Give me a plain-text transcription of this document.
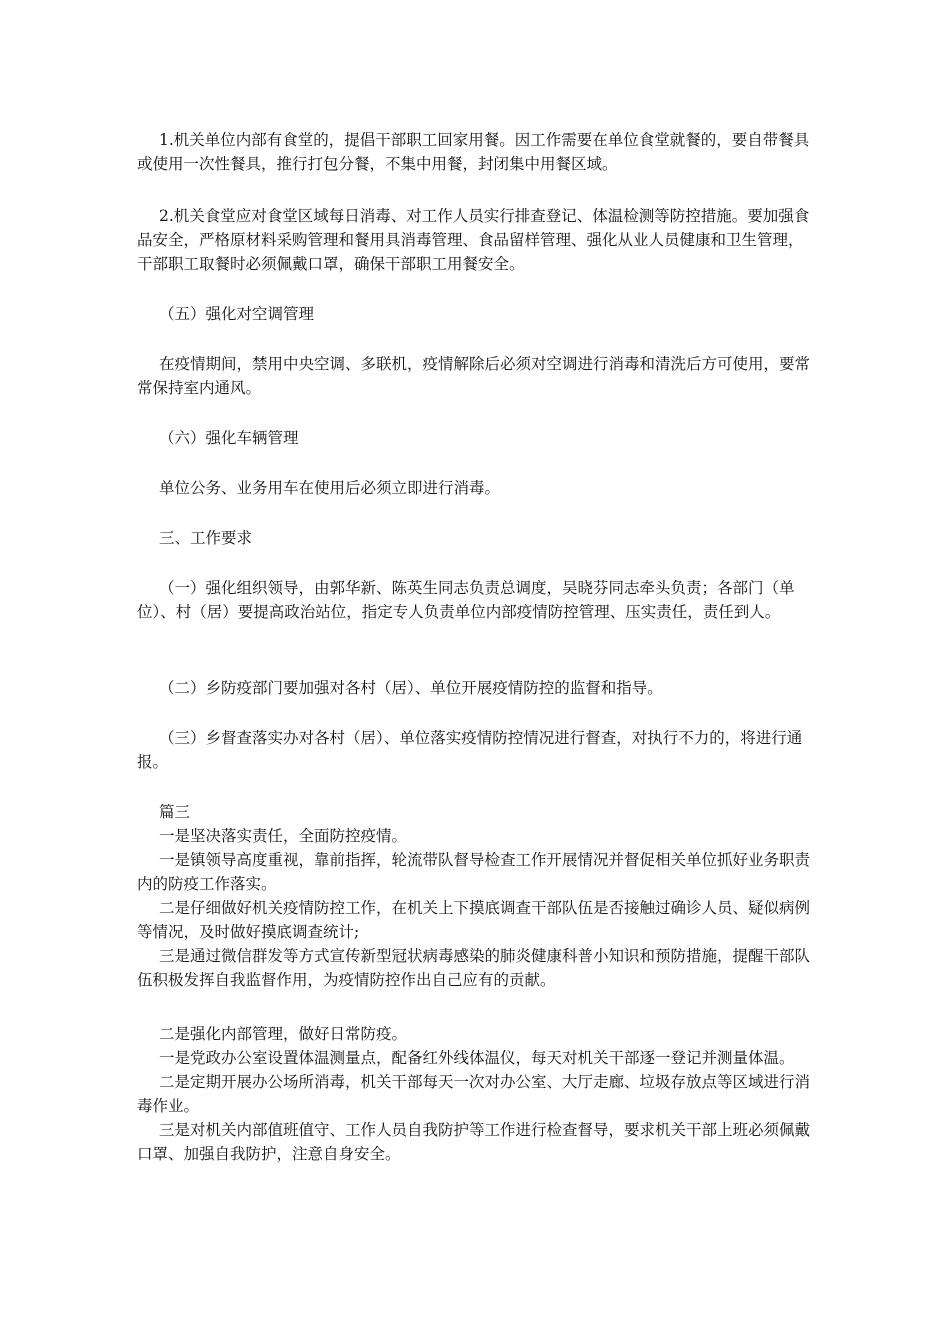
1.机关单位内部有食堂的，提倡干部职工回家用餐。因工作需要在单位食堂就餐的，要自带餐具或使用一次性餐具，推行打包分餐，不集中用餐，封闭集中用餐区域。

2.机关食堂应对食堂区域每日消毒、对工作人员实行排查登记、体温检测等防控措施。要加强食品安全，严格原材料采购管理和餐用具消毒管理、食品留样管理、强化从业人员健康和卫生管理，干部职工取餐时必须佩戴口罩，确保干部职工用餐安全。

（五）强化对空调管理

在疫情期间，禁用中央空调、多联机，疫情解除后必须对空调进行消毒和清洗后方可使用，要常常保持室内通风。

（六）强化车辆管理

单位公务、业务用车在使用后必须立即进行消毒。

三、工作要求

（一）强化组织领导，由郭华新、陈英生同志负责总调度，吴晓芬同志牵头负责；各部门（单位）、村（居）要提高政治站位，指定专人负责单位内部疫情防控管理、压实责任，责任到人。

（二）乡防疫部门要加强对各村（居）、单位开展疫情防控的监督和指导。

（三）乡督查落实办对各村（居）、单位落实疫情防控情况进行督查，对执行不力的，将进行通报。

篇三

一是坚决落实责任，全面防控疫情。

一是镇领导高度重视，靠前指挥，轮流带队督导检查工作开展情况并督促相关单位抓好业务职责内的防疫工作落实。

二是仔细做好机关疫情防控工作，在机关上下摸底调查干部队伍是否接触过确诊人员、疑似病例等情况，及时做好摸底调查统计;

三是通过微信群发等方式宣传新型冠状病毒感染的肺炎健康科普小知识和预防措施，提醒干部队伍积极发挥自我监督作用，为疫情防控作出自己应有的贡献。

二是强化内部管理，做好日常防疫。

一是党政办公室设置体温测量点，配备红外线体温仪，每天对机关干部逐一登记并测量体温。

二是定期开展办公场所消毒，机关干部每天一次对办公室、大厅走廊、垃圾存放点等区域进行消毒作业。

三是对机关内部值班值守、工作人员自我防护等工作进行检查督导，要求机关干部上班必须佩戴口罩、加强自我防护，注意自身安全。
